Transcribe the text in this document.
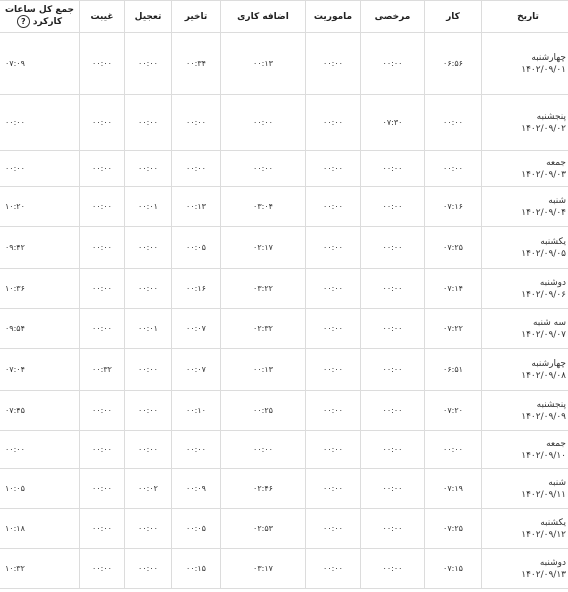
تاریخ	کار	مرخصی	ماموریت	اضافه کاری	تاخیر	تعجیل	غیبت	جمع کل ساعات کارکرد?

چهارشنبه
۱۴۰۲/۰۹/۰۱	۰۶:۵۶	۰۰:۰۰	۰۰:۰۰	۰۰:۱۳	۰۰:۳۴	۰۰:۰۰	۰۰:۰۰	۰۷:۰۹

پنجشنبه
۱۴۰۲/۰۹/۰۲	۰۰:۰۰	۰۷:۳۰	۰۰:۰۰	۰۰:۰۰	۰۰:۰۰	۰۰:۰۰	۰۰:۰۰	۰۰:۰۰

جمعه
۱۴۰۲/۰۹/۰۳	۰۰:۰۰	۰۰:۰۰	۰۰:۰۰	۰۰:۰۰	۰۰:۰۰	۰۰:۰۰	۰۰:۰۰	۰۰:۰۰

شنبه
۱۴۰۲/۰۹/۰۴	۰۷:۱۶	۰۰:۰۰	۰۰:۰۰	۰۳:۰۴	۰۰:۱۳	۰۰:۰۱	۰۰:۰۰	۱۰:۲۰

یکشنبه
۱۴۰۲/۰۹/۰۵	۰۷:۲۵	۰۰:۰۰	۰۰:۰۰	۰۲:۱۷	۰۰:۰۵	۰۰:۰۰	۰۰:۰۰	۰۹:۴۲

دوشنبه
۱۴۰۲/۰۹/۰۶	۰۷:۱۴	۰۰:۰۰	۰۰:۰۰	۰۳:۲۲	۰۰:۱۶	۰۰:۰۰	۰۰:۰۰	۱۰:۳۶

سه شنبه
۱۴۰۲/۰۹/۰۷	۰۷:۲۲	۰۰:۰۰	۰۰:۰۰	۰۲:۳۲	۰۰:۰۷	۰۰:۰۱	۰۰:۰۰	۰۹:۵۴

چهارشنبه
۱۴۰۲/۰۹/۰۸	۰۶:۵۱	۰۰:۰۰	۰۰:۰۰	۰۰:۱۳	۰۰:۰۷	۰۰:۰۰	۰۰:۳۲	۰۷:۰۴

پنجشنبه
۱۴۰۲/۰۹/۰۹	۰۷:۲۰	۰۰:۰۰	۰۰:۰۰	۰۰:۲۵	۰۰:۱۰	۰۰:۰۰	۰۰:۰۰	۰۷:۴۵

جمعه
۱۴۰۲/۰۹/۱۰	۰۰:۰۰	۰۰:۰۰	۰۰:۰۰	۰۰:۰۰	۰۰:۰۰	۰۰:۰۰	۰۰:۰۰	۰۰:۰۰

شنبه
۱۴۰۲/۰۹/۱۱	۰۷:۱۹	۰۰:۰۰	۰۰:۰۰	۰۲:۴۶	۰۰:۰۹	۰۰:۰۲	۰۰:۰۰	۱۰:۰۵

یکشنبه
۱۴۰۲/۰۹/۱۲	۰۷:۲۵	۰۰:۰۰	۰۰:۰۰	۰۲:۵۳	۰۰:۰۵	۰۰:۰۰	۰۰:۰۰	۱۰:۱۸

دوشنبه
۱۴۰۲/۰۹/۱۳	۰۷:۱۵	۰۰:۰۰	۰۰:۰۰	۰۳:۱۷	۰۰:۱۵	۰۰:۰۰	۰۰:۰۰	۱۰:۳۲
